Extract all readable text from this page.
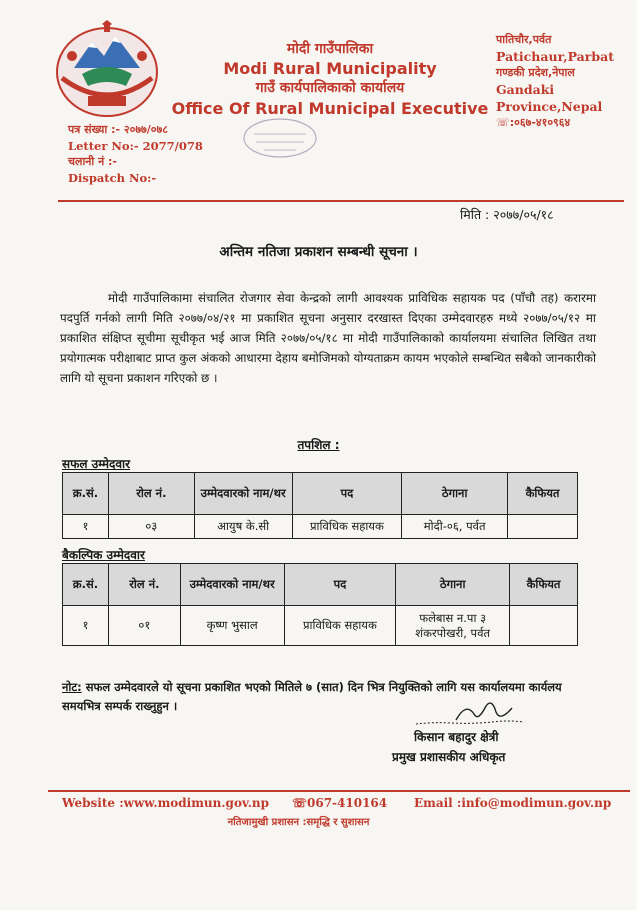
मोदी गाउँपालिका
Modi Rural Municipality
गाउँ कार्यपालिकाको कार्यालय
Office Of Rural Municipal Executive
पातिचौर,पर्वत
Patichaur,Parbat
गण्डकी प्रदेश,नेपाल
Gandaki
Province,Nepal
☏:०६७-४१०९६४
पत्र संख्या :- २०७७/०७८
Letter No:- 2077/078
चलानी नं :-
Dispatch No:-
मिति : २०७७/०५/१८
अन्तिम नतिजा प्रकाशन सम्बन्धी सूचना ।
मोदी गाउँपालिकामा संचालित रोजगार सेवा केन्द्रको लागी आवश्यक प्राविधिक सहायक पद (पाँचौ तह) करारमा पदपुर्ति गर्नको लागी मिति २०७७/०४/२१ मा प्रकाशित सूचना अनुसार दरखास्त दिएका उम्मेदवारहरु मध्ये २०७७/०५/१२ मा प्रकाशित संक्षिप्त सूचीमा सूचीकृत भई आज मिति २०७७/०५/१८ मा मोदी गाउँपालिकाको कार्यालयमा संचालित लिखित तथा प्रयोगात्मक परीक्षाबाट प्राप्त कुल अंकको आधारमा देहाय बमोजिमको योग्यताक्रम कायम भएकोले सम्बन्धित सबैको जानकारीको लागि यो सूचना प्रकाशन गरिएको छ ।
तपशिल :
सफल उम्मेदवार
क्र.सं.	रोल नं.	उम्मेदवारको नाम/थर	पद	ठेगाना	कैफियत
१	०३	आयुष के.सी	प्राविधिक सहायक	मोदी-०६, पर्वत	
बैकल्पिक उम्मेदवार
क्र.सं.	रोल नं.	उम्मेदवारको नाम/थर	पद	ठेगाना	कैफियत
१	०१	कृष्ण भुसाल	प्राविधिक सहायक	फलेबास न.पा ३
शंकरपोखरी, पर्वत	

नोट: सफल उम्मेदवारले यो सूचना प्रकाशित भएको मितिले ७ (सात) दिन भित्र नियुक्तिको लागि यस कार्यालयमा कार्यलय समयभित्र सम्पर्क राख्नुहुन ।
किसान बहादुर क्षेत्री
प्रमुख प्रशासकीय अधिकृत
Website :www.modimun.gov.np ☏067-410164 Email :info@modimun.gov.np
नतिजामुखी प्रशासन :समृद्धि र सुशासन
